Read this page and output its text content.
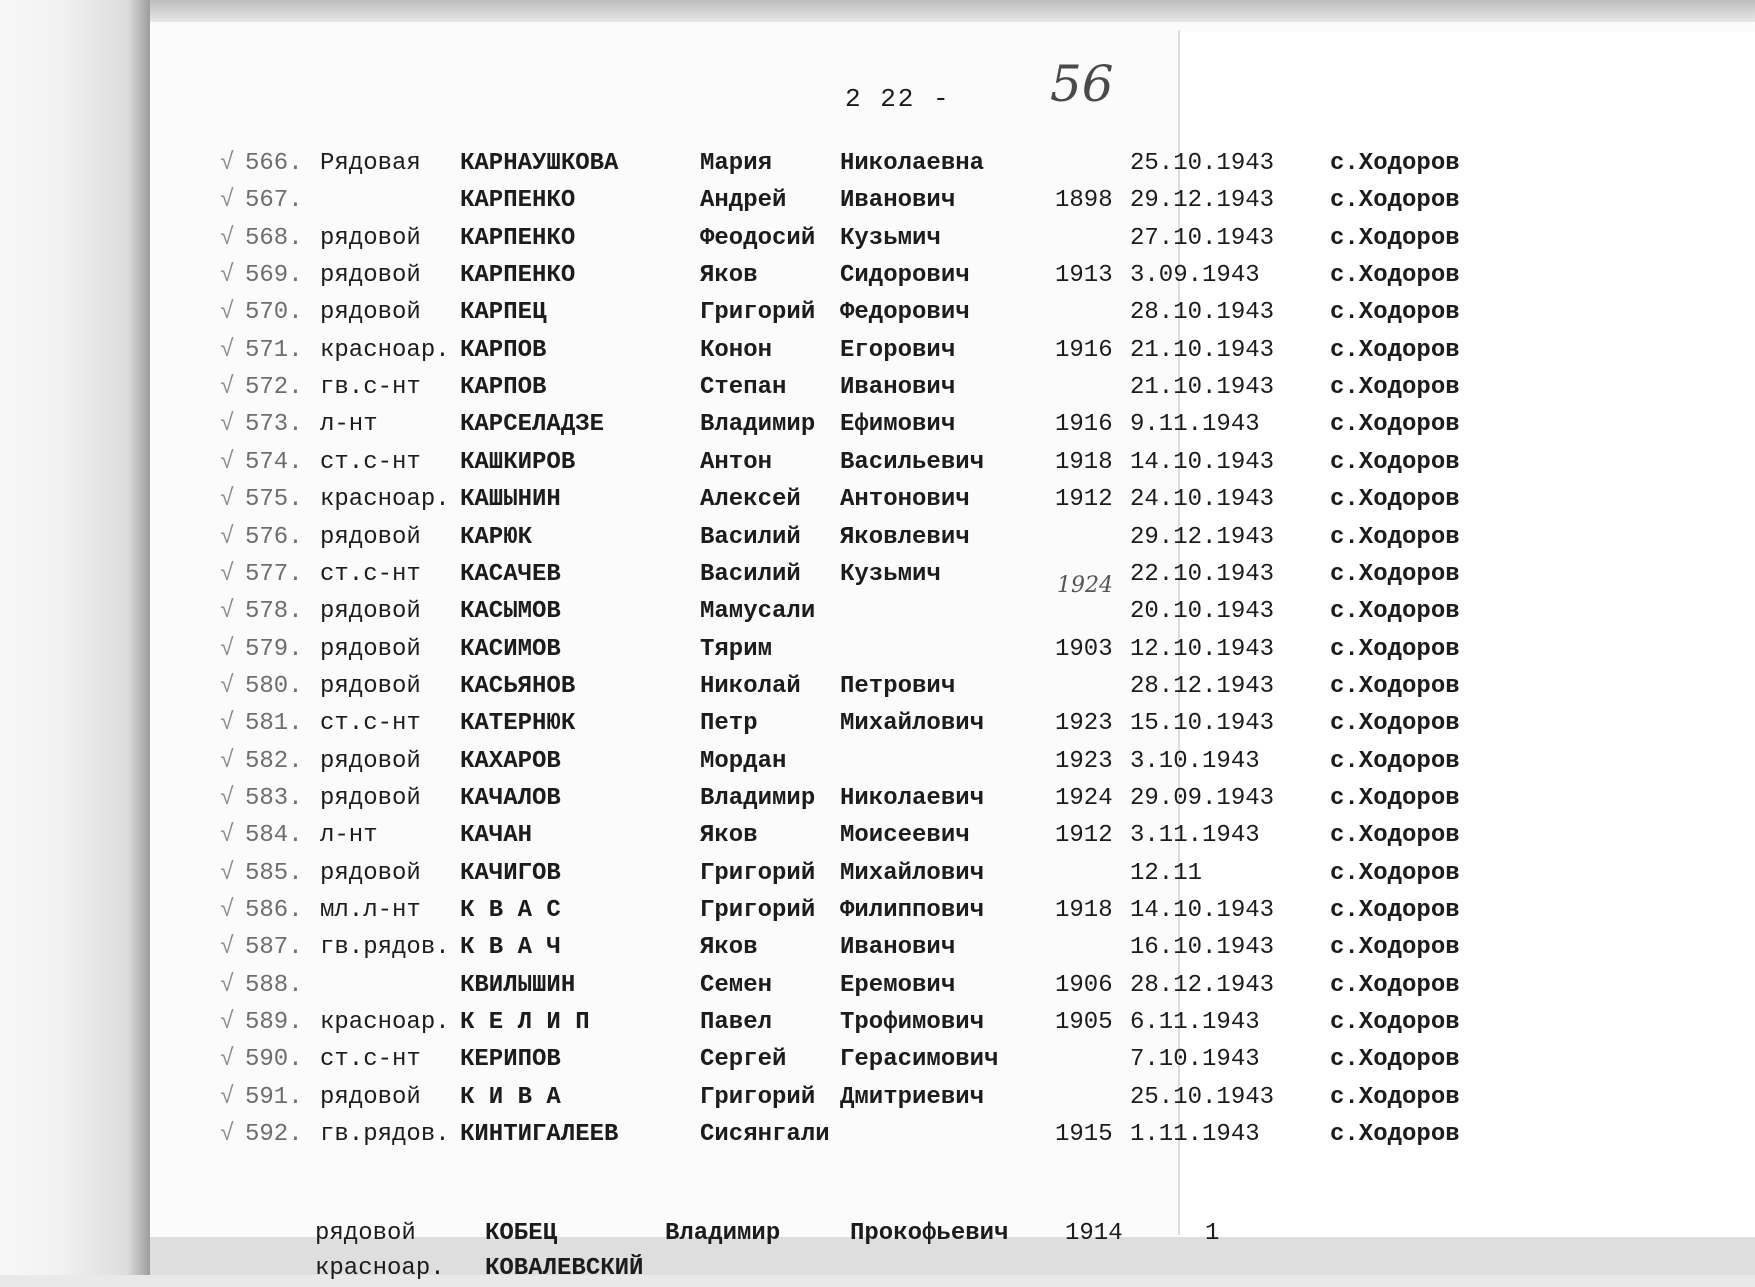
2 22 - 56
1924
√ 566. Рядовая КАРНАУШКОВА	Мария	Николаевна	25.10.1943 с.Ходоров
√ 567.	КАРПЕНКО	Андрей Иванович	1898 29.12.1943 с.Ходоров
√ 568. рядовой КАРПЕНКО	Феодосий Кузьмич	27.10.1943 с.Ходоров
√ 569. рядовой КАРПЕНКО	Яков	Сидорович	1913 3.09.1943	с.Ходоров
√ 570. рядовой КАРПЕЦ	Григорий Федорович	28.10.1943 с.Ходоров
√ 571. красноар. КАРПОВ	Конон	Егорович	1916 21.10.1943 с.Ходоров
√ 572. гв.с-нт КАРПОВ	Степан Иванович	21.10.1943 с.Ходоров
√ 573. л-нт	КАРСЕЛАДЗЕ	Владимир Ефимович	1916 9.11.1943	с.Ходоров
√ 574. ст.с-нт КАШКИРОВ	Антон	Васильевич	1918 14.10.1943 с.Ходоров
√ 575. красноар. КАШЫНИН	Алексей Антонович	1912 24.10.1943 с.Ходоров
√ 576. рядовой КАРЮК	Василий Яковлевич	29.12.1943 с.Ходоров
√ 577. ст.с-нт КАСАЧЕВ	Василий Кузьмич	22.10.1943 с.Ходоров
√ 578. рядовой КАСЫМОВ	Мамусали	20.10.1943 с.Ходоров
√ 579. рядовой КАСИМОВ	Тярим	1903 12.10.1943 с.Ходоров
√ 580. рядовой КАСЬЯНОВ	Николай Петрович	28.12.1943 с.Ходоров
√ 581. ст.с-нт КАТЕРНЮК	Петр	Михайлович	1923 15.10.1943 с.Ходоров
√ 582. рядовой КАХАРОВ	Мордан	1923 3.10.1943	с.Ходоров
√ 583. рядовой КАЧАЛОВ	Владимир Николаевич	1924 29.09.1943 с.Ходоров
√ 584. л-нт	КАЧАН	Яков	Моисеевич	1912 3.11.1943	с.Ходоров
√ 585. рядовой КАЧИГОВ	Григорий Михайлович	12.11	с.Ходоров
√ 586. мл.л-нт К В А С	Григорий Филиппович	1918 14.10.1943 с.Ходоров
√ 587. гв.рядов. К В А Ч	Яков	Иванович	16.10.1943 с.Ходоров
√ 588.	КВИЛЫШИН	Семен	Еремович	1906 28.12.1943 с.Ходоров
√ 589. красноар. К Е Л И П	Павел	Трофимович	1905 6.11.1943	с.Ходоров
√ 590. ст.с-нт КЕРИПОВ	Сергей Герасимович	7.10.1943	с.Ходоров
√ 591. рядовой К И В А	Григорий Дмитриевич	25.10.1943 с.Ходоров
√ 592. гв.рядов. КИНТИГАЛЕЕВ	Сисянгали	1915 1.11.1943	с.Ходоров
рядовой	КОБЕЦ	Владимир	Прокофьевич 1914	1
красноар. КОВАЛЕВСКИЙ
